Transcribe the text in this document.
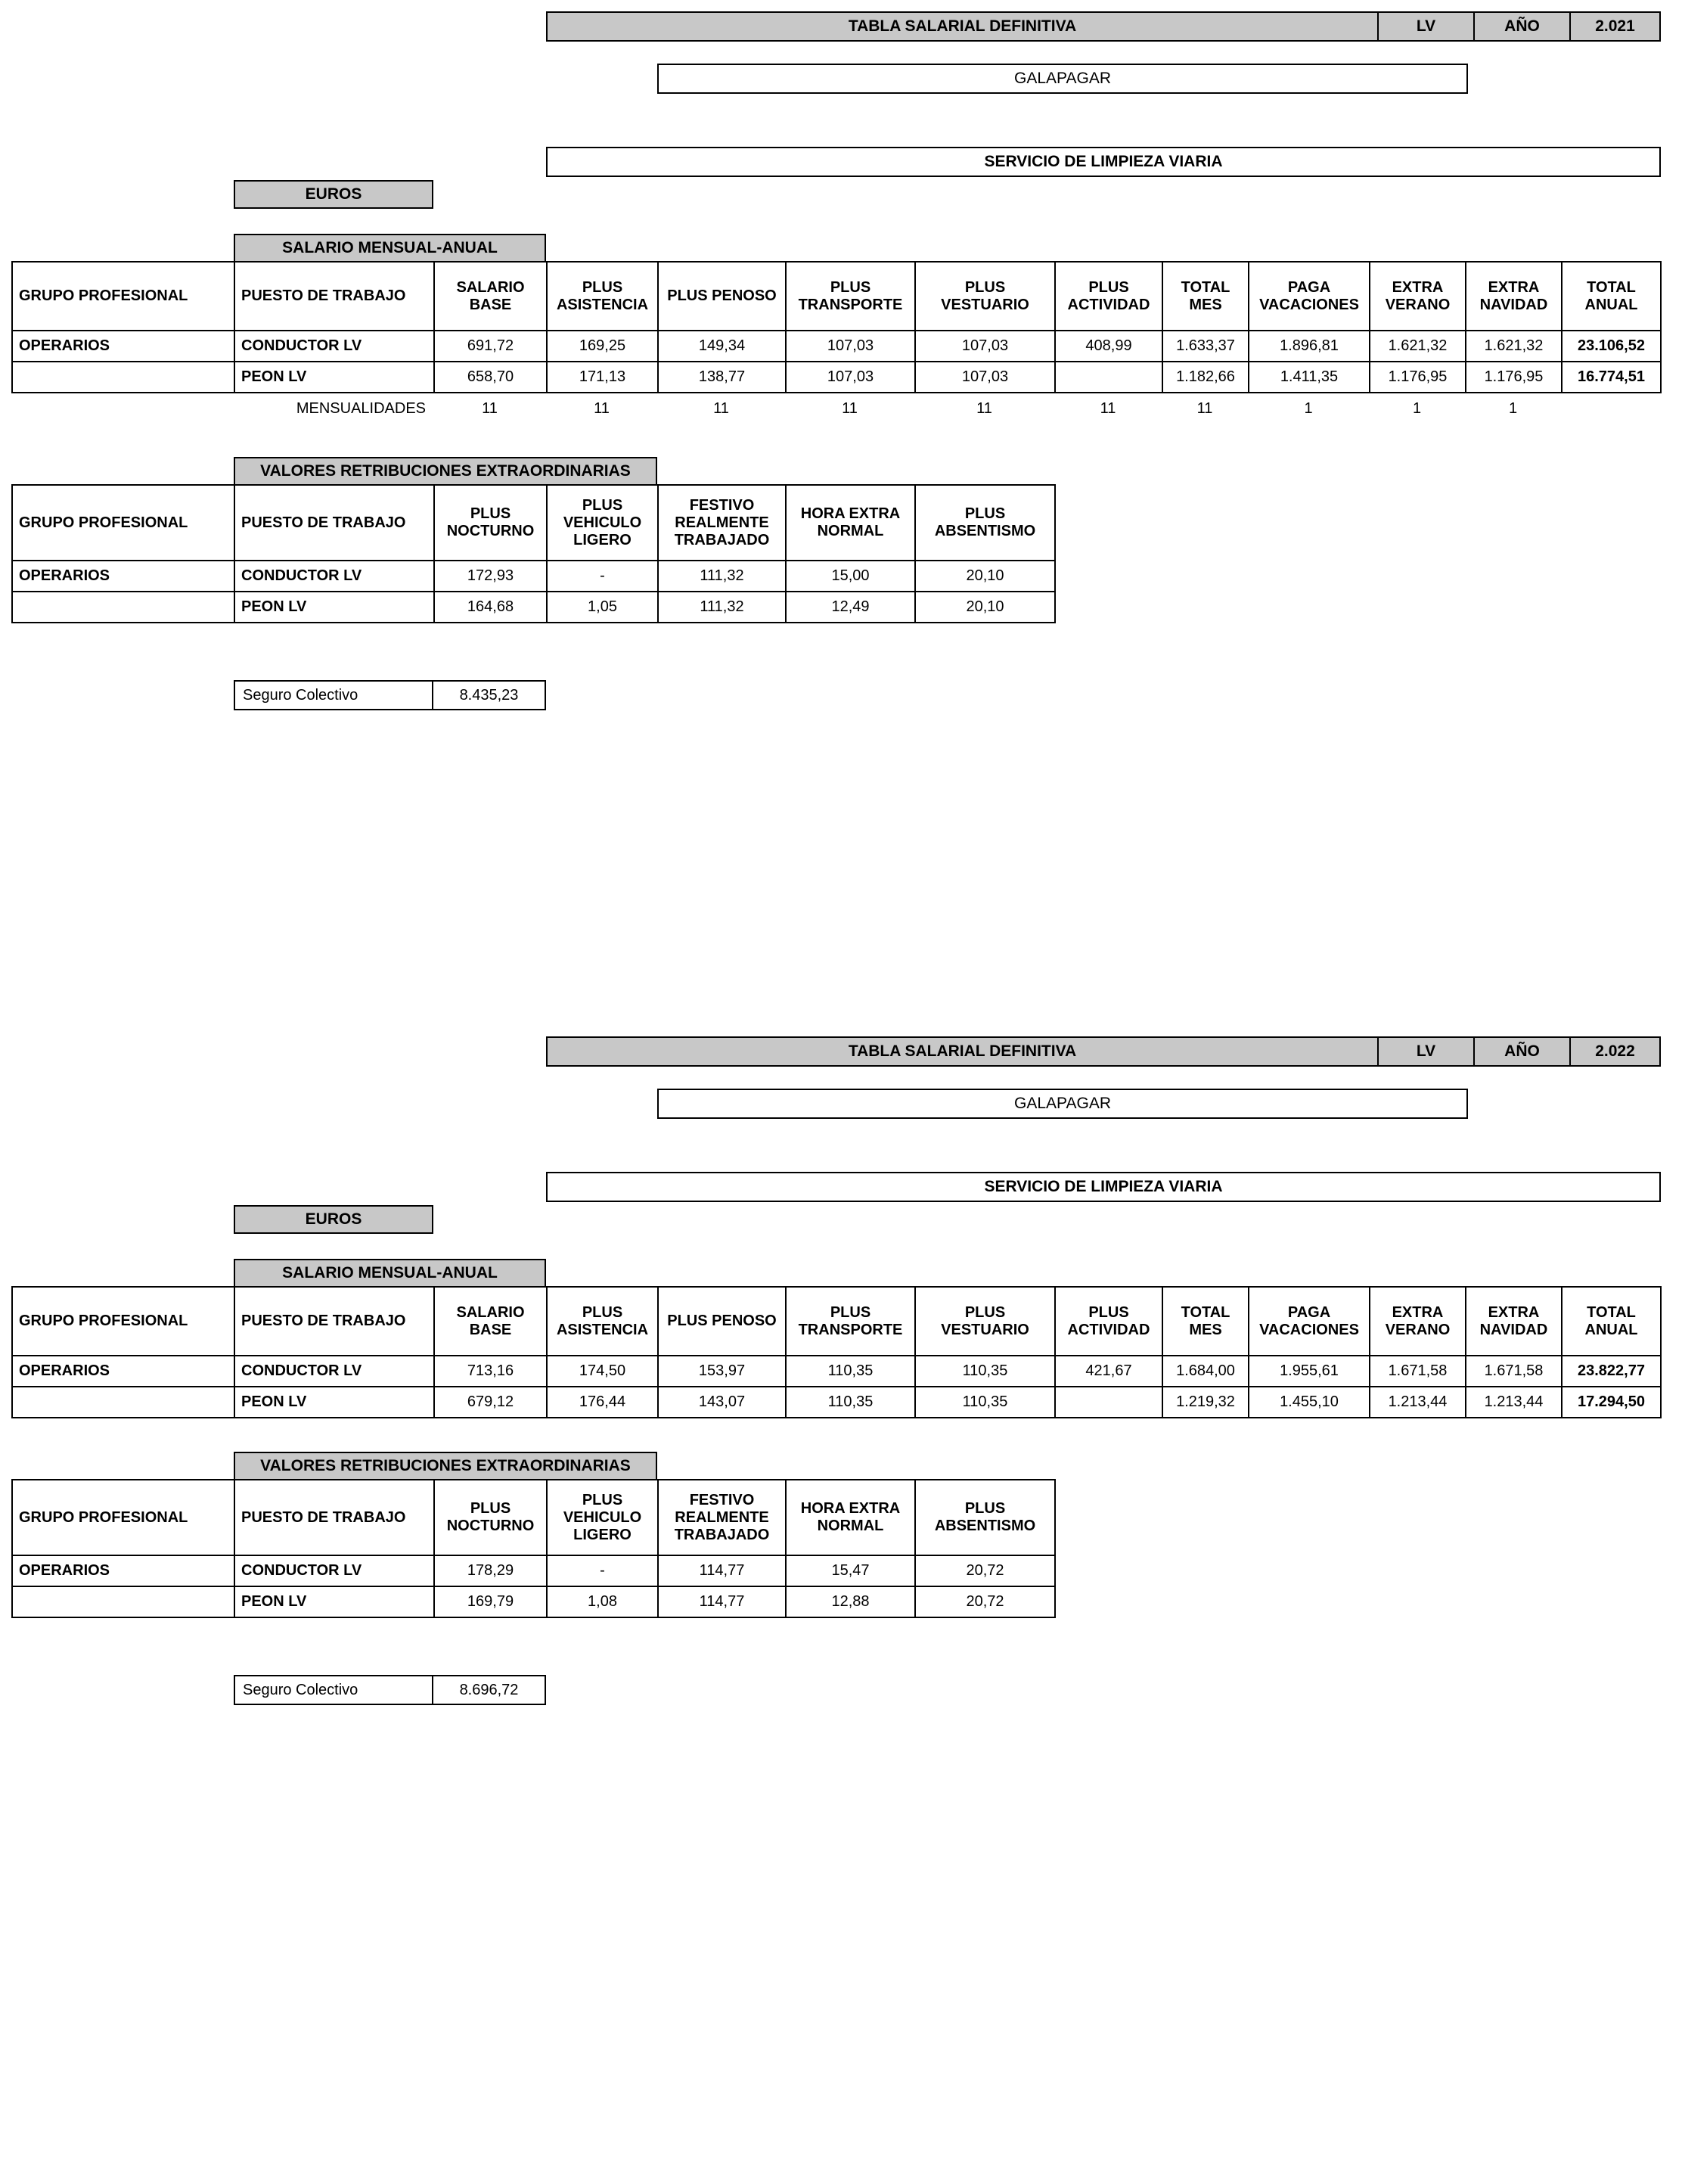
TABLA SALARIAL DEFINITIVA	LV	AÑO	2.021
GALAPAGAR
SERVICIO DE LIMPIEZA VIARIA
EUROS
SALARIO MENSUAL-ANUAL
GRUPO PROFESIONAL	PUESTO DE TRABAJO	SALARIO BASE	PLUS ASISTENCIA	PLUS PENOSO	PLUS TRANSPORTE	PLUS VESTUARIO	PLUS ACTIVIDAD	TOTAL MES	PAGA VACACIONES	EXTRA VERANO	EXTRA NAVIDAD	TOTAL ANUAL
OPERARIOS	CONDUCTOR LV	691,72	169,25	149,34	107,03	107,03	408,99	1.633,37	1.896,81	1.621,32	1.621,32	23.106,52
	PEON LV	658,70	171,13	138,77	107,03	107,03		1.182,66	1.411,35	1.176,95	1.176,95	16.774,51
MENSUALIDADES	11	11	11	11	11	11	11	1	1	1
VALORES RETRIBUCIONES EXTRAORDINARIAS
GRUPO PROFESIONAL	PUESTO DE TRABAJO	PLUS NOCTURNO	PLUS VEHICULO LIGERO	FESTIVO REALMENTE TRABAJADO	HORA EXTRA NORMAL	PLUS ABSENTISMO
OPERARIOS	CONDUCTOR LV	172,93	-	111,32	15,00	20,10
	PEON LV	164,68	1,05	111,32	12,49	20,10
Seguro Colectivo	8.435,23
TABLA SALARIAL DEFINITIVA	LV	AÑO	2.022
GALAPAGAR
SERVICIO DE LIMPIEZA VIARIA
EUROS
SALARIO MENSUAL-ANUAL
GRUPO PROFESIONAL	PUESTO DE TRABAJO	SALARIO BASE	PLUS ASISTENCIA	PLUS PENOSO	PLUS TRANSPORTE	PLUS VESTUARIO	PLUS ACTIVIDAD	TOTAL MES	PAGA VACACIONES	EXTRA VERANO	EXTRA NAVIDAD	TOTAL ANUAL
OPERARIOS	CONDUCTOR LV	713,16	174,50	153,97	110,35	110,35	421,67	1.684,00	1.955,61	1.671,58	1.671,58	23.822,77
	PEON LV	679,12	176,44	143,07	110,35	110,35		1.219,32	1.455,10	1.213,44	1.213,44	17.294,50
VALORES RETRIBUCIONES EXTRAORDINARIAS
GRUPO PROFESIONAL	PUESTO DE TRABAJO	PLUS NOCTURNO	PLUS VEHICULO LIGERO	FESTIVO REALMENTE TRABAJADO	HORA EXTRA NORMAL	PLUS ABSENTISMO
OPERARIOS	CONDUCTOR LV	178,29	-	114,77	15,47	20,72
	PEON LV	169,79	1,08	114,77	12,88	20,72
Seguro Colectivo	8.696,72
